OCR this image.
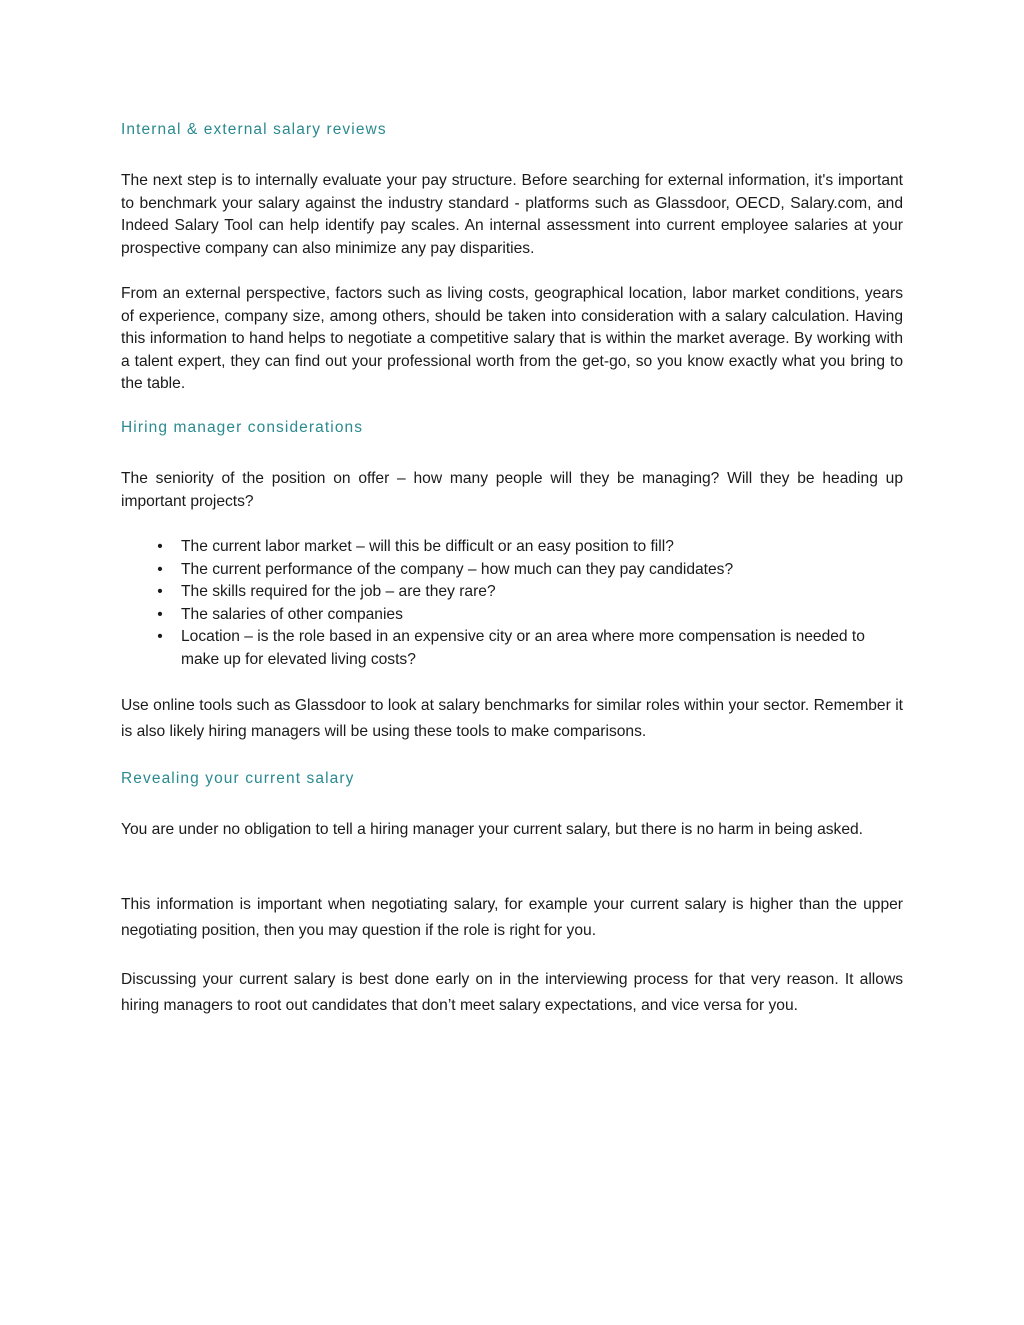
Internal & external salary reviews

The next step is to internally evaluate your pay structure. Before searching for external information, it's important to benchmark your salary against the industry standard - platforms such as Glassdoor, OECD, Salary.com, and Indeed Salary Tool can help identify pay scales. An internal assessment into current employee salaries at your prospective company can also minimize any pay disparities.

From an external perspective, factors such as living costs, geographical location, labor market conditions, years of experience, company size, among others, should be taken into consideration with a salary calculation. Having this information to hand helps to negotiate a competitive salary that is within the market average. By working with a talent expert, they can find out your professional worth from the get-go, so you know exactly what you bring to the table.

Hiring manager considerations

The seniority of the position on offer – how many people will they be managing? Will they be heading up important projects?

• The current labor market – will this be difficult or an easy position to fill?
• The current performance of the company – how much can they pay candidates?
• The skills required for the job – are they rare?
• The salaries of other companies
• Location – is the role based in an expensive city or an area where more compensation is needed to make up for elevated living costs?

Use online tools such as Glassdoor to look at salary benchmarks for similar roles within your sector. Remember it is also likely hiring managers will be using these tools to make comparisons.

Revealing your current salary

You are under no obligation to tell a hiring manager your current salary, but there is no harm in being asked.

This information is important when negotiating salary, for example your current salary is higher than the upper negotiating position, then you may question if the role is right for you.

Discussing your current salary is best done early on in the interviewing process for that very reason. It allows hiring managers to root out candidates that don’t meet salary expectations, and vice versa for you.
